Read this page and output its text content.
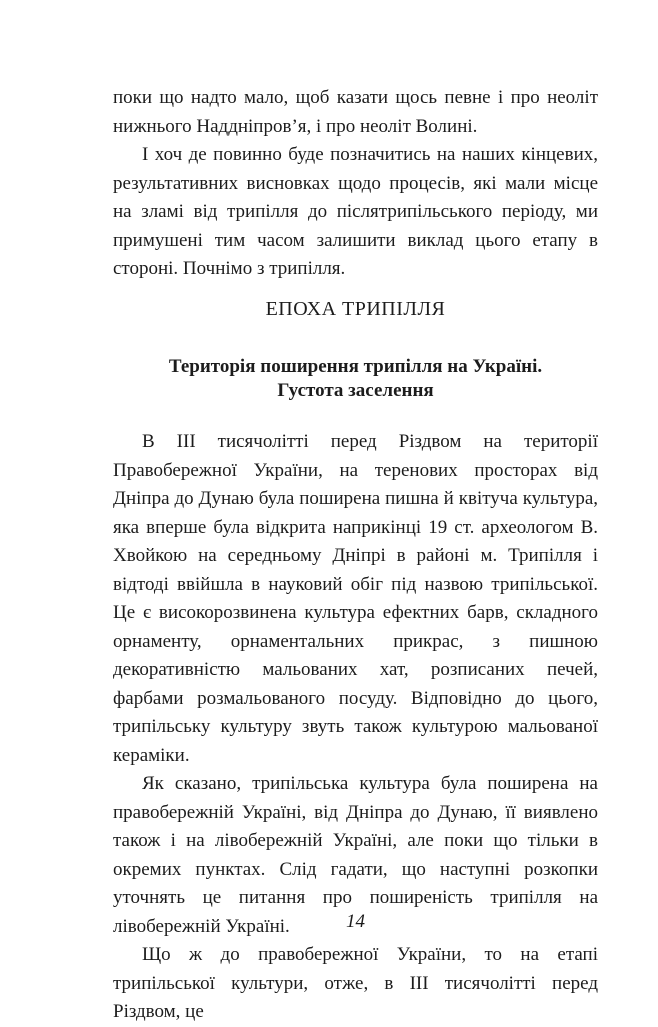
поки що надто мало, щоб казати щось певне і про неоліт нижнього Наддніпров’я, і про неоліт Волині.

І хоч де повинно буде позначитись на наших кінцевих, результативних висновках щодо процесів, які мали місце на зламі від трипілля до післятрипільського періоду, ми примушені тим часом залишити виклад цього етапу в стороні. Почнімо з трипілля.

ЕПОХА ТРИПІЛЛЯ
Територія поширення трипілля на Україні.
Густота заселення

В ІІІ тисячолітті перед Різдвом на території Правобережної України, на теренових просторах від Дніпра до Дунаю була поширена пишна й квітуча культура, яка вперше була відкрита наприкінці 19 ст. археологом В. Хвойкою на середньому Дніпрі в районі м. Трипілля і відтоді ввійшла в науковий обіг під назвою трипільської. Це є високорозвинена культура ефектних барв, складного орнаменту, орнаментальних прикрас, з пишною декоративністю мальованих хат, розписаних печей, фарбами розмальованого посуду. Відповідно до цього, трипільську культуру звуть також культурою мальованої кераміки.

Як сказано, трипільська культура була поширена на правобережній Україні, від Дніпра до Дунаю, її виявлено також і на лівобережній Україні, але поки що тільки в окремих пунктах. Слід гадати, що наступні розкопки уточнять це питання про поширеність трипілля на лівобережній Україні.

Що ж до правобережної України, то на етапі трипільської культури, отже, в ІІІ тисячолітті перед Різдвом, це

14
